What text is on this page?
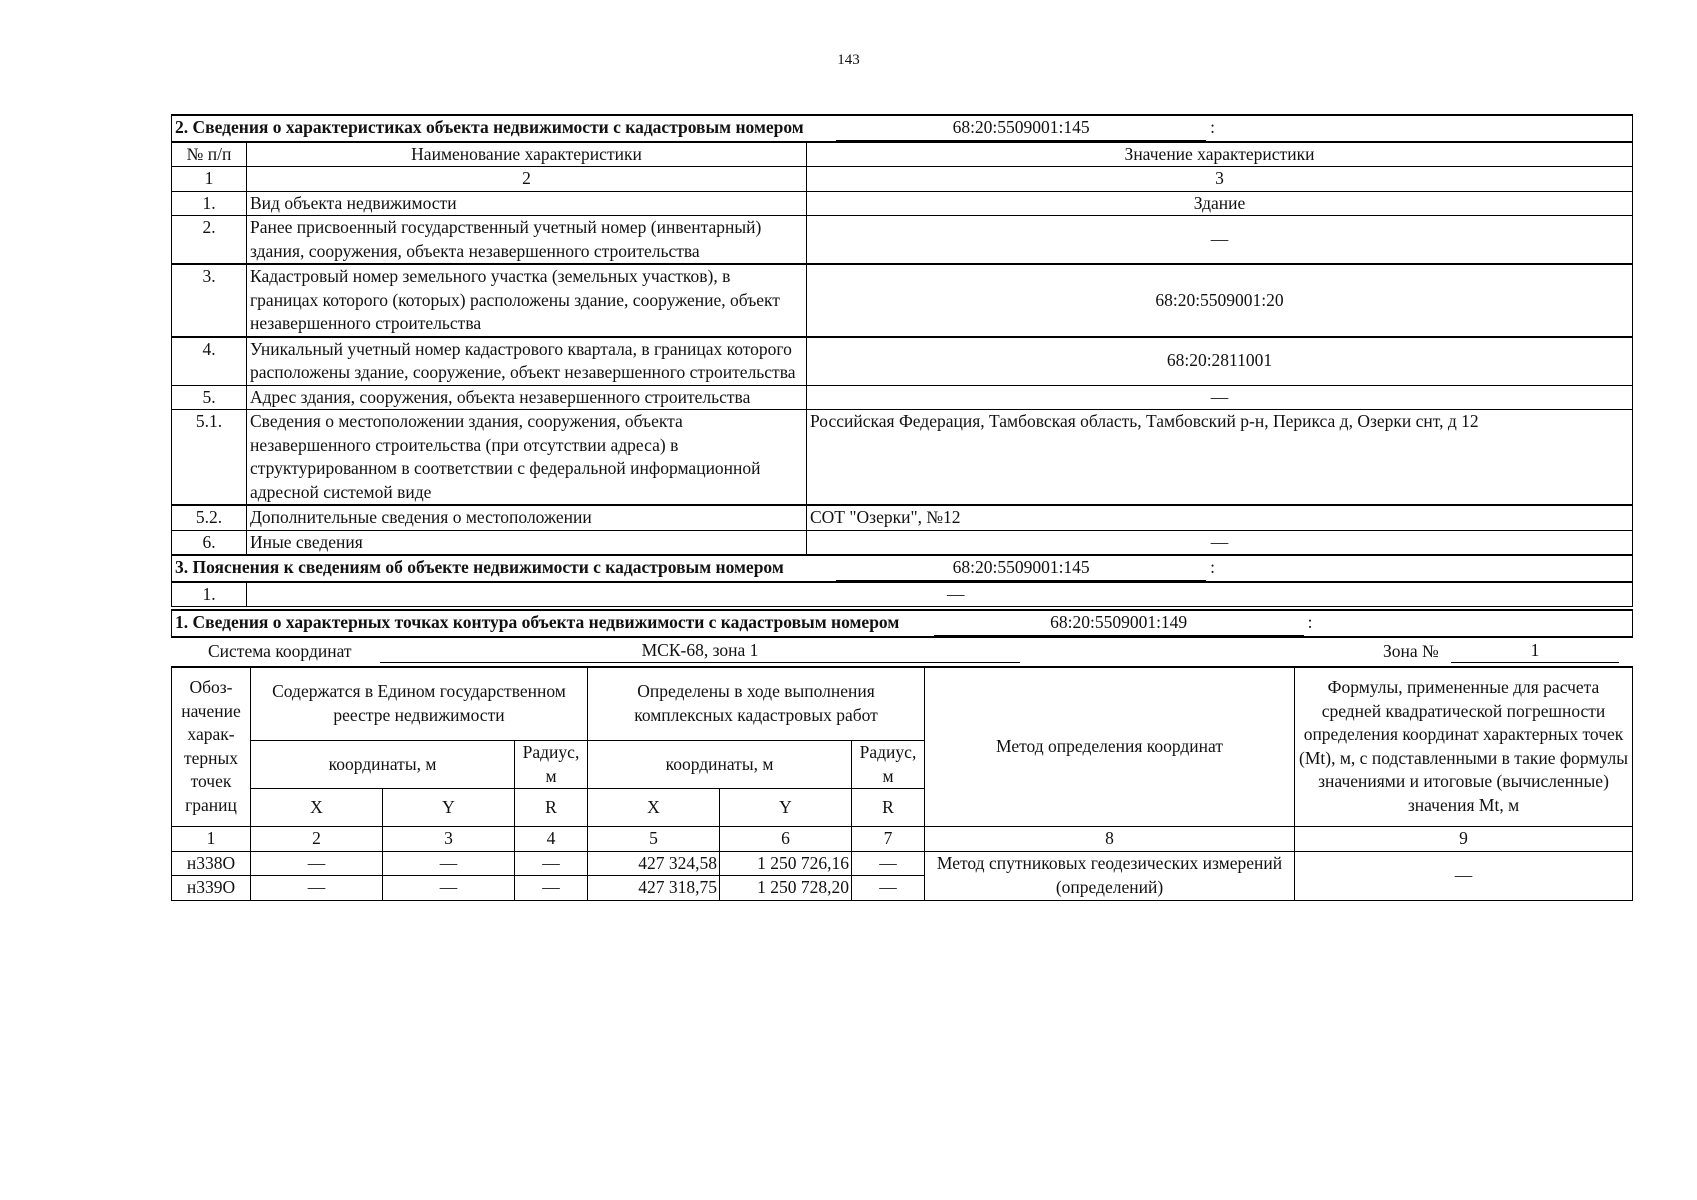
143
2. Сведения о характеристиках объекта недвижимости с кадастровым номером 68:20:5509001:145 :		
№ п/п	Наименование характеристики	Значение характеристики
1	2	3
1.	Вид объекта недвижимости	Здание
2.	Ранее присвоенный государственный учетный номер (инвентарный) здания, сооружения, объекта незавершенного строительства	—
3.	Кадастровый номер земельного участка (земельных участков), в границах которого (которых) расположены здание, сооружение, объект незавершенного строительства	68:20:5509001:20
4.	Уникальный учетный номер кадастрового квартала, в границах которого расположены здание, сооружение, объект незавершенного строительства	68:20:2811001
5.	Адрес здания, сооружения, объекта незавершенного строительства	—
5.1.	Сведения о местоположении здания, сооружения, объекта незавершенного строительства (при отсутствии адреса) в структурированном в соответствии с федеральной информационной адресной системой виде	Российская Федерация, Тамбовская область, Тамбовский р-н, Перикса д, Озерки снт, д 12
5.2.	Дополнительные сведения о местоположении	СОТ "Озерки", №12
6.	Иные сведения	—
3. Пояснения к сведениям об объекте недвижимости с кадастровым номером 68:20:5509001:145 :		
1.	—	
1. Сведения о характерных точках контура объекта недвижимости с кадастровым номером	68:20:5509001:149	:
Система координат	МСК-68, зона 1	Зона №	1
Обоз-начение харак-терных точек границ	Содержатся в Едином государственном реестре недвижимости			Определены в ходе выполнения комплексных кадастровых работ			Метод определения координат	Формулы, примененные для расчета средней квадратической погрешности определения координат характерных точек (Mt), м, с подставленными в такие формулы значениями и итоговые (вычисленные) значения Mt, м
	координаты, м		Радиус, м	координаты, м		Радиус, м		
	X	Y	R	X	Y	R		
1	2	3	4	5	6	7	8	9
н338О	—	—	—	427 324,58	1 250 726,16	—	Метод спутниковых геодезических измерений (определений)	—
н339О	—	—	—	427 318,75	1 250 728,20	—		
